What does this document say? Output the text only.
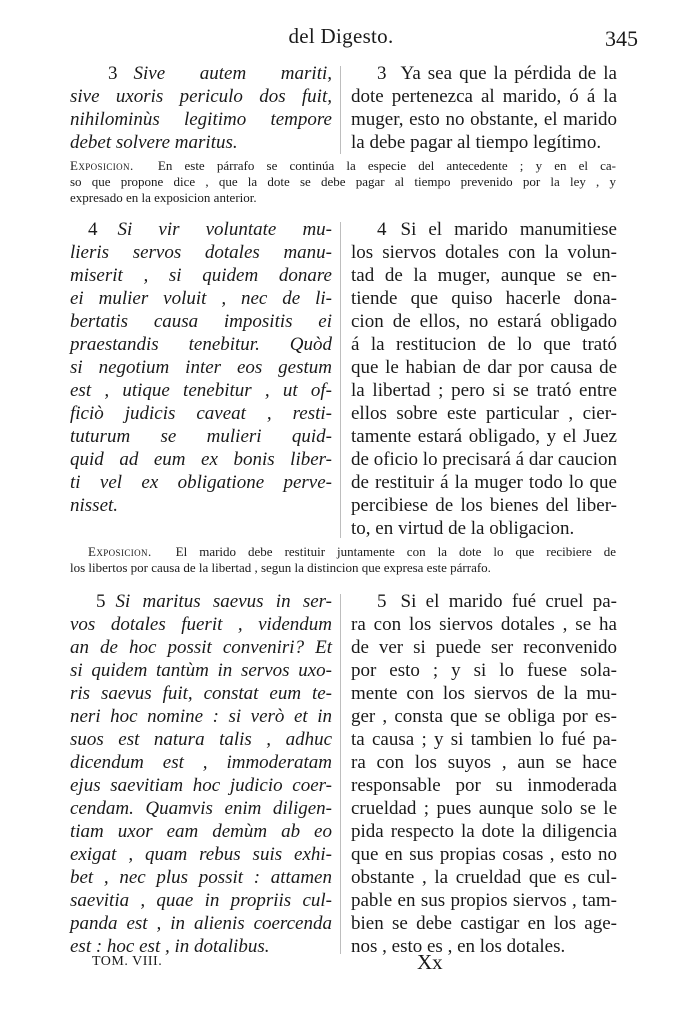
del Digesto.	345
3 Sive autem mariti,
sive uxoris periculo dos fuit,
nihilominùs legitimo tempore
debet solvere maritus.
3 Ya sea que la pérdida de la
dote pertenezca al marido, ó á la
muger, esto no obstante, el marido
la debe pagar al tiempo legítimo.
Exposicion. En este párrafo se continúa la especie del antecedente ; y en el ca-
so que propone dice , que la dote se debe pagar al tiempo prevenido por la ley , y
expresado en la exposicion anterior.
4 Si vir voluntate mu-
lieris servos dotales manu-
miserit , si quidem donare
ei mulier voluit , nec de li-
bertatis causa impositis ei
praestandis tenebitur. Quòd
si negotium inter eos gestum
est , utique tenebitur , ut of-
ficiò judicis caveat , resti-
tuturum se mulieri quid-
quid ad eum ex bonis liber-
ti vel ex obligatione perve-
nisset.
4 Si el marido manumitiese
los siervos dotales con la volun-
tad de la muger, aunque se en-
tiende que quiso hacerle dona-
cion de ellos, no estará obligado
á la restitucion de lo que trató
que le habian de dar por causa de
la libertad ; pero si se trató entre
ellos sobre este particular , cier-
tamente estará obligado, y el Juez
de oficio lo precisará á dar caucion
de restituir á la muger todo lo que
percibiese de los bienes del liber-
to, en virtud de la obligacion.
Exposicion. El marido debe restituir juntamente con la dote lo que recibiere de
los libertos por causa de la libertad , segun la distincion que expresa este párrafo.
5 Si maritus saevus in ser-
vos dotales fuerit , videndum
an de hoc possit conveniri? Et
si quidem tantùm in servos uxo-
ris saevus fuit, constat eum te-
neri hoc nomine : si verò et in
suos est natura talis , adhuc
dicendum est , immoderatam
ejus saevitiam hoc judicio coer-
cendam. Quamvis enim diligen-
tiam uxor eam demùm ab eo
exigat , quam rebus suis exhi-
bet , nec plus possit : attamen
saevitia , quae in propriis cul-
panda est , in alienis coercenda
est : hoc est , in dotalibus.
5 Si el marido fué cruel pa-
ra con los siervos dotales , se ha
de ver si puede ser reconvenido
por esto ; y si lo fuese sola-
mente con los siervos de la mu-
ger , consta que se obliga por es-
ta causa ; y si tambien lo fué pa-
ra con los suyos , aun se hace
responsable por su inmoderada
crueldad ; pues aunque solo se le
pida respecto la dote la diligencia
que en sus propias cosas , esto no
obstante , la crueldad que es cul-
pable en sus propios siervos , tam-
bien se debe castigar en los age-
nos , esto es , en los dotales.
TOM. VIII.	Xx
